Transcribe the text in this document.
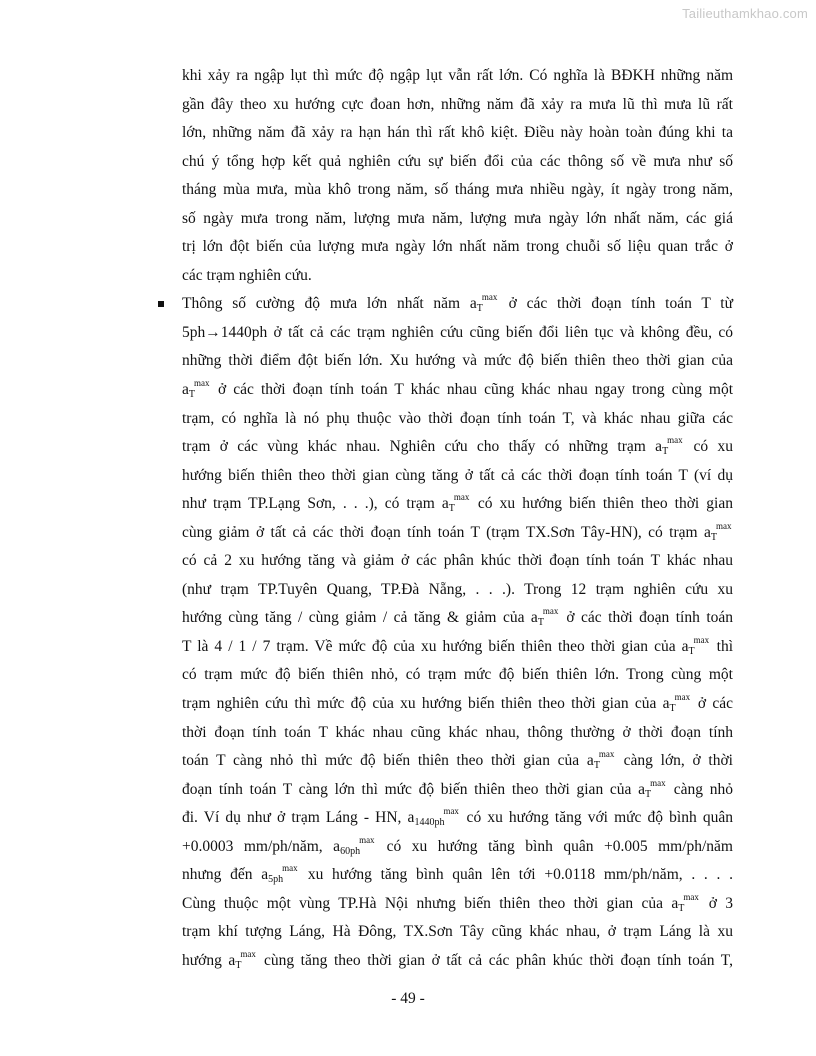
Tailieuthamkhao.com
khi xảy ra ngập lụt thì mức độ ngập lụt vẫn rất lớn. Có nghĩa là BĐKH những năm
gần đây theo xu hướng cực đoan hơn, những năm đã xảy ra mưa lũ thì mưa lũ rất
lớn, những năm đã xảy ra hạn hán thì rất khô kiệt. Điều này hoàn toàn đúng khi ta
chú ý tổng hợp kết quả nghiên cứu sự biến đổi của các thông số về mưa như số
tháng mùa mưa, mùa khô trong năm, số tháng mưa nhiều ngày, ít ngày trong năm,
số ngày mưa trong năm, lượng mưa năm, lượng mưa ngày lớn nhất năm, các giá
trị lớn đột biến của lượng mưa ngày lớn nhất năm trong chuỗi số liệu quan trắc ở
các trạm nghiên cứu.
Thông số cường độ mưa lớn nhất năm $a_T$
max ở các thời đoạn tính toán T từ
5ph→1440ph ở tất cả các trạm nghiên cứu cũng biến đổi liên tục và không đều, có
những thời điểm đột biến lớn. Xu hướng và mức độ biến thiên theo thời gian của
$a_T$
max ở các thời đoạn tính toán T khác nhau cũng khác nhau ngay trong cùng một
trạm, có nghĩa là nó phụ thuộc vào thời đoạn tính toán T, và khác nhau giữa các
trạm ở các vùng khác nhau. Nghiên cứu cho thấy có những trạm $a_T$
max có xu
hướng biến thiên theo thời gian cùng tăng ở tất cả các thời đoạn tính toán T (ví dụ
như trạm TP.Lạng Sơn, . . .), có trạm $a_T$
max có xu hướng biến thiên theo thời gian
cùng giảm ở tất cả các thời đoạn tính toán T (trạm TX.Sơn Tây-HN), có trạm $a_T$
max
có cả 2 xu hướng tăng và giảm ở các phân khúc thời đoạn tính toán T khác nhau
(như trạm TP.Tuyên Quang, TP.Đà Nẵng, . . .). Trong 12 trạm nghiên cứu xu
hướng cùng tăng / cùng giảm / cả tăng & giảm của $a_T$
max ở các thời đoạn tính toán
T là 4 / 1 / 7 trạm. Về mức độ của xu hướng biến thiên theo thời gian của $a_T$
max thì
có trạm mức độ biến thiên nhỏ, có trạm mức độ biến thiên lớn. Trong cùng một
trạm nghiên cứu thì mức độ của xu hướng biến thiên theo thời gian của $a_T$
max ở các
thời đoạn tính toán T khác nhau cũng khác nhau, thông thường ở thời đoạn tính
toán T càng nhỏ thì mức độ biến thiên theo thời gian của $a_T$
max càng lớn, ở thời
đoạn tính toán T càng lớn thì mức độ biến thiên theo thời gian của $a_T$
max càng nhỏ
đi. Ví dụ như ở trạm Láng - HN, $a_{1440ph}$
max có xu hướng tăng với mức độ bình quân
+0.0003 mm/ph/năm, $a_{60ph}$
max có xu hướng tăng bình quân +0.005 mm/ph/năm
nhưng đến $a_{5ph}$
max xu hướng tăng bình quân lên tới +0.0118 mm/ph/năm, . . . .
Cùng thuộc một vùng TP.Hà Nội nhưng biến thiên theo thời gian của $a_T$
max ở 3
trạm khí tượng Láng, Hà Đông, TX.Sơn Tây cũng khác nhau, ở trạm Láng là xu
hướng $a_T$
max cùng tăng theo thời gian ở tất cả các phân khúc thời đoạn tính toán T,
- 49 -
